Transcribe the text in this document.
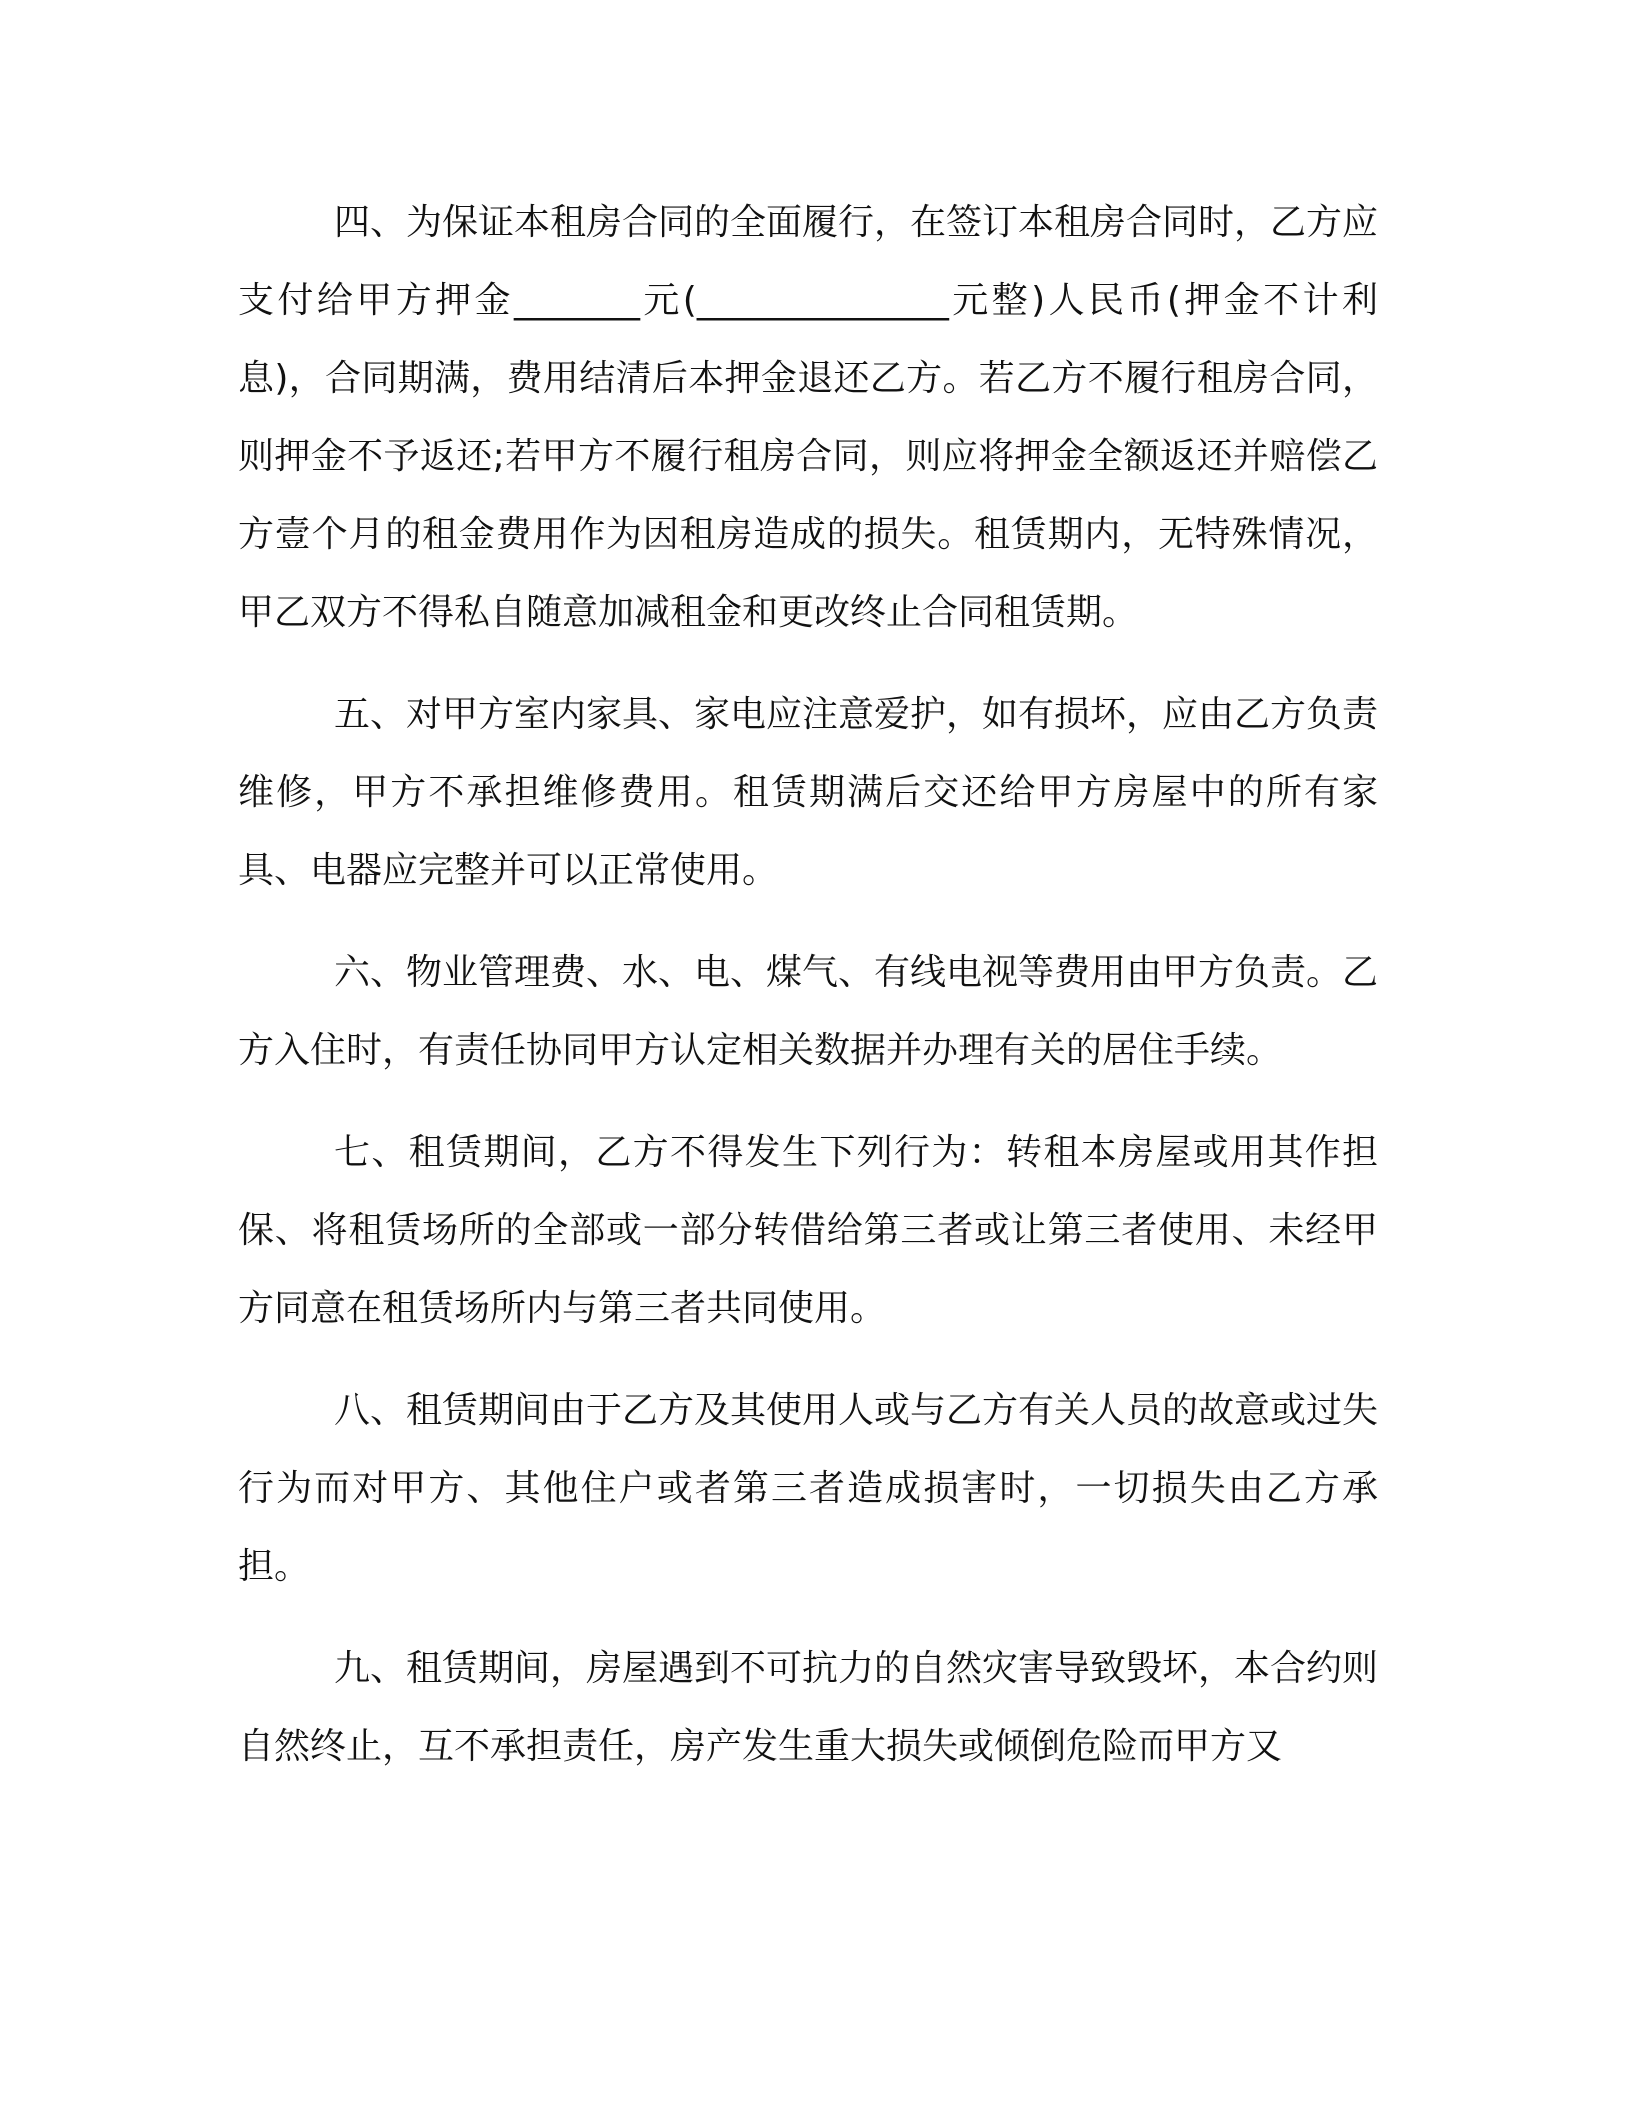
四、为保证本租房合同的全面履行，在签订本租房合同时，乙方应支付给甲方押金_______元(______________元整)人民币(押金不计利息)，合同期满，费用结清后本押金退还乙方。若乙方不履行租房合同，则押金不予返还;若甲方不履行租房合同，则应将押金全额返还并赔偿乙方壹个月的租金费用作为因租房造成的损失。租赁期内，无特殊情况，甲乙双方不得私自随意加减租金和更改终止合同租赁期。

五、对甲方室内家具、家电应注意爱护，如有损坏，应由乙方负责维修，甲方不承担维修费用。租赁期满后交还给甲方房屋中的所有家具、电器应完整并可以正常使用。

六、物业管理费、水、电、煤气、有线电视等费用由甲方负责。乙方入住时，有责任协同甲方认定相关数据并办理有关的居住手续。

七、租赁期间，乙方不得发生下列行为：转租本房屋或用其作担保、将租赁场所的全部或一部分转借给第三者或让第三者使用、未经甲方同意在租赁场所内与第三者共同使用。

八、租赁期间由于乙方及其使用人或与乙方有关人员的故意或过失行为而对甲方、其他住户或者第三者造成损害时，一切损失由乙方承担。

九、租赁期间，房屋遇到不可抗力的自然灾害导致毁坏，本合约则自然终止，互不承担责任，房产发生重大损失或倾倒危险而甲方又
